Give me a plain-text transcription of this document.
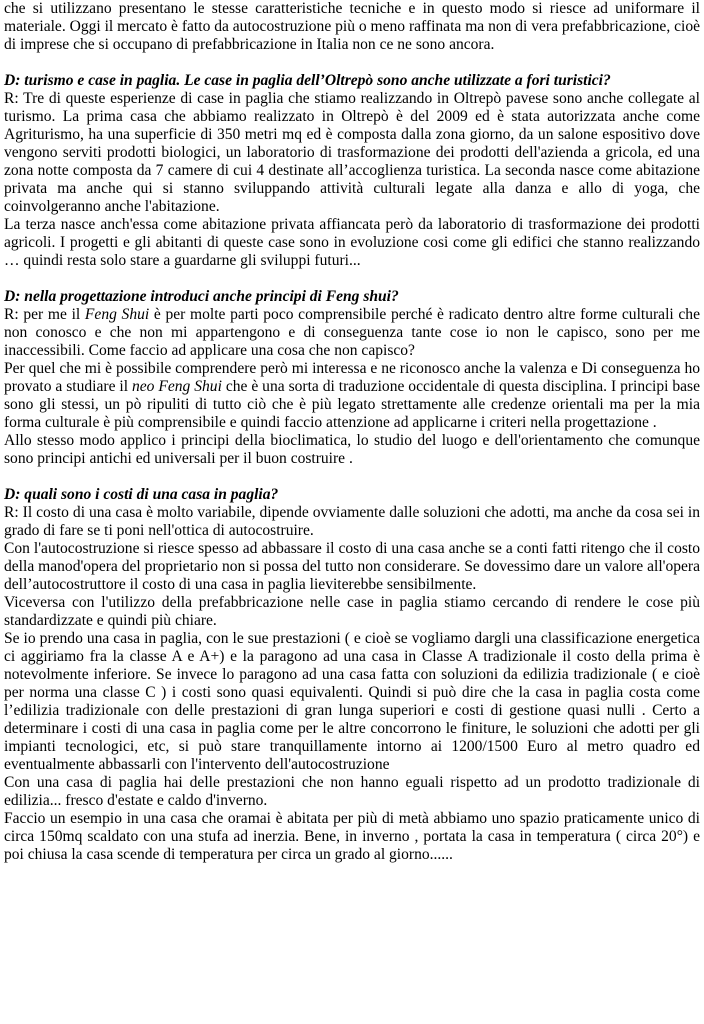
che si utilizzano presentano le stesse caratteristiche tecniche e in questo modo si riesce ad uniformare il materiale. Oggi il mercato è fatto da autocostruzione più o meno raffinata ma non di vera prefabbricazione, cioè di imprese che si occupano di prefabbricazione in Italia non ce ne sono ancora.

D: turismo e case in paglia. Le case in paglia dell’Oltrepò sono anche utilizzate a fori turistici?

R: Tre di queste esperienze di case in paglia che stiamo realizzando in Oltrepò pavese sono anche collegate al turismo. La prima casa che abbiamo realizzato in Oltrepò è del 2009 ed è stata autorizzata anche come Agriturismo, ha una superficie di 350 metri mq ed è composta dalla zona giorno, da un salone espositivo dove vengono serviti prodotti biologici, un laboratorio di trasformazione dei prodotti dell'azienda a gricola, ed una zona notte composta da 7 camere di cui 4 destinate all’accoglienza turistica. La seconda nasce come abitazione privata ma anche qui si stanno sviluppando attività culturali legate alla danza e allo di yoga, che coinvolgeranno anche l'abitazione.

La terza nasce anch'essa come abitazione privata affiancata però da laboratorio di trasformazione dei prodotti agricoli. I progetti e gli abitanti di queste case sono in evoluzione cosi come gli edifici che stanno realizzando … quindi resta solo stare a guardarne gli sviluppi futuri...

D: nella progettazione introduci anche principi di Feng shui?

R: per me il Feng Shui è per molte parti poco comprensibile perché è radicato dentro altre forme culturali che non conosco e che non mi appartengono e di conseguenza tante cose io non le capisco, sono per me inaccessibili. Come faccio ad applicare una cosa che non capisco?

Per quel che mi è possibile comprendere però mi interessa e ne riconosco anche la valenza e Di conseguenza ho provato a studiare il neo Feng Shui che è una sorta di traduzione occidentale di questa disciplina. I principi base sono gli stessi, un pò ripuliti di tutto ciò che è più legato strettamente alle credenze orientali ma per la mia forma culturale è più comprensibile e quindi faccio attenzione ad applicarne i criteri nella progettazione .

Allo stesso modo applico i principi della bioclimatica, lo studio del luogo e dell'orientamento che comunque sono principi antichi ed universali per il buon costruire .

D: quali sono i costi di una casa in paglia?

R: Il costo di una casa è molto variabile, dipende ovviamente dalle soluzioni che adotti, ma anche da cosa sei in grado di fare se ti poni nell'ottica di autocostruire.

Con l'autocostruzione si riesce spesso ad abbassare il costo di una casa anche se a conti fatti ritengo che il costo della manod'opera del proprietario non si possa del tutto non considerare. Se dovessimo dare un valore all'opera dell’autocostruttore il costo di una casa in paglia lieviterebbe sensibilmente.

Viceversa con l'utilizzo della prefabbricazione nelle case in paglia stiamo cercando di rendere le cose più standardizzate e quindi più chiare.

Se io prendo una casa in paglia, con le sue prestazioni ( e cioè se vogliamo dargli una classificazione energetica ci aggiriamo fra la classe A e A+) e la paragono ad una casa in Classe A tradizionale il costo della prima è notevolmente inferiore. Se invece lo paragono ad una casa fatta con soluzioni da edilizia tradizionale ( e cioè per norma una classe C ) i costi sono quasi equivalenti. Quindi si può dire che la casa in paglia costa come l’edilizia tradizionale con delle prestazioni di gran lunga superiori e costi di gestione quasi nulli . Certo a determinare i costi di una casa in paglia come per le altre concorrono le finiture, le soluzioni che adotti per gli impianti tecnologici, etc, si può stare tranquillamente intorno ai 1200/1500 Euro al metro quadro ed eventualmente abbassarli con l'intervento dell'autocostruzione

Con una casa di paglia hai delle prestazioni che non hanno eguali rispetto ad un prodotto tradizionale di edilizia... fresco d'estate e caldo d'inverno.

Faccio un esempio in una casa che oramai è abitata per più di metà abbiamo uno spazio praticamente unico di circa 150mq scaldato con una stufa ad inerzia. Bene, in inverno , portata la casa in temperatura ( circa 20°) e poi chiusa la casa scende di temperatura per circa un grado al giorno......
